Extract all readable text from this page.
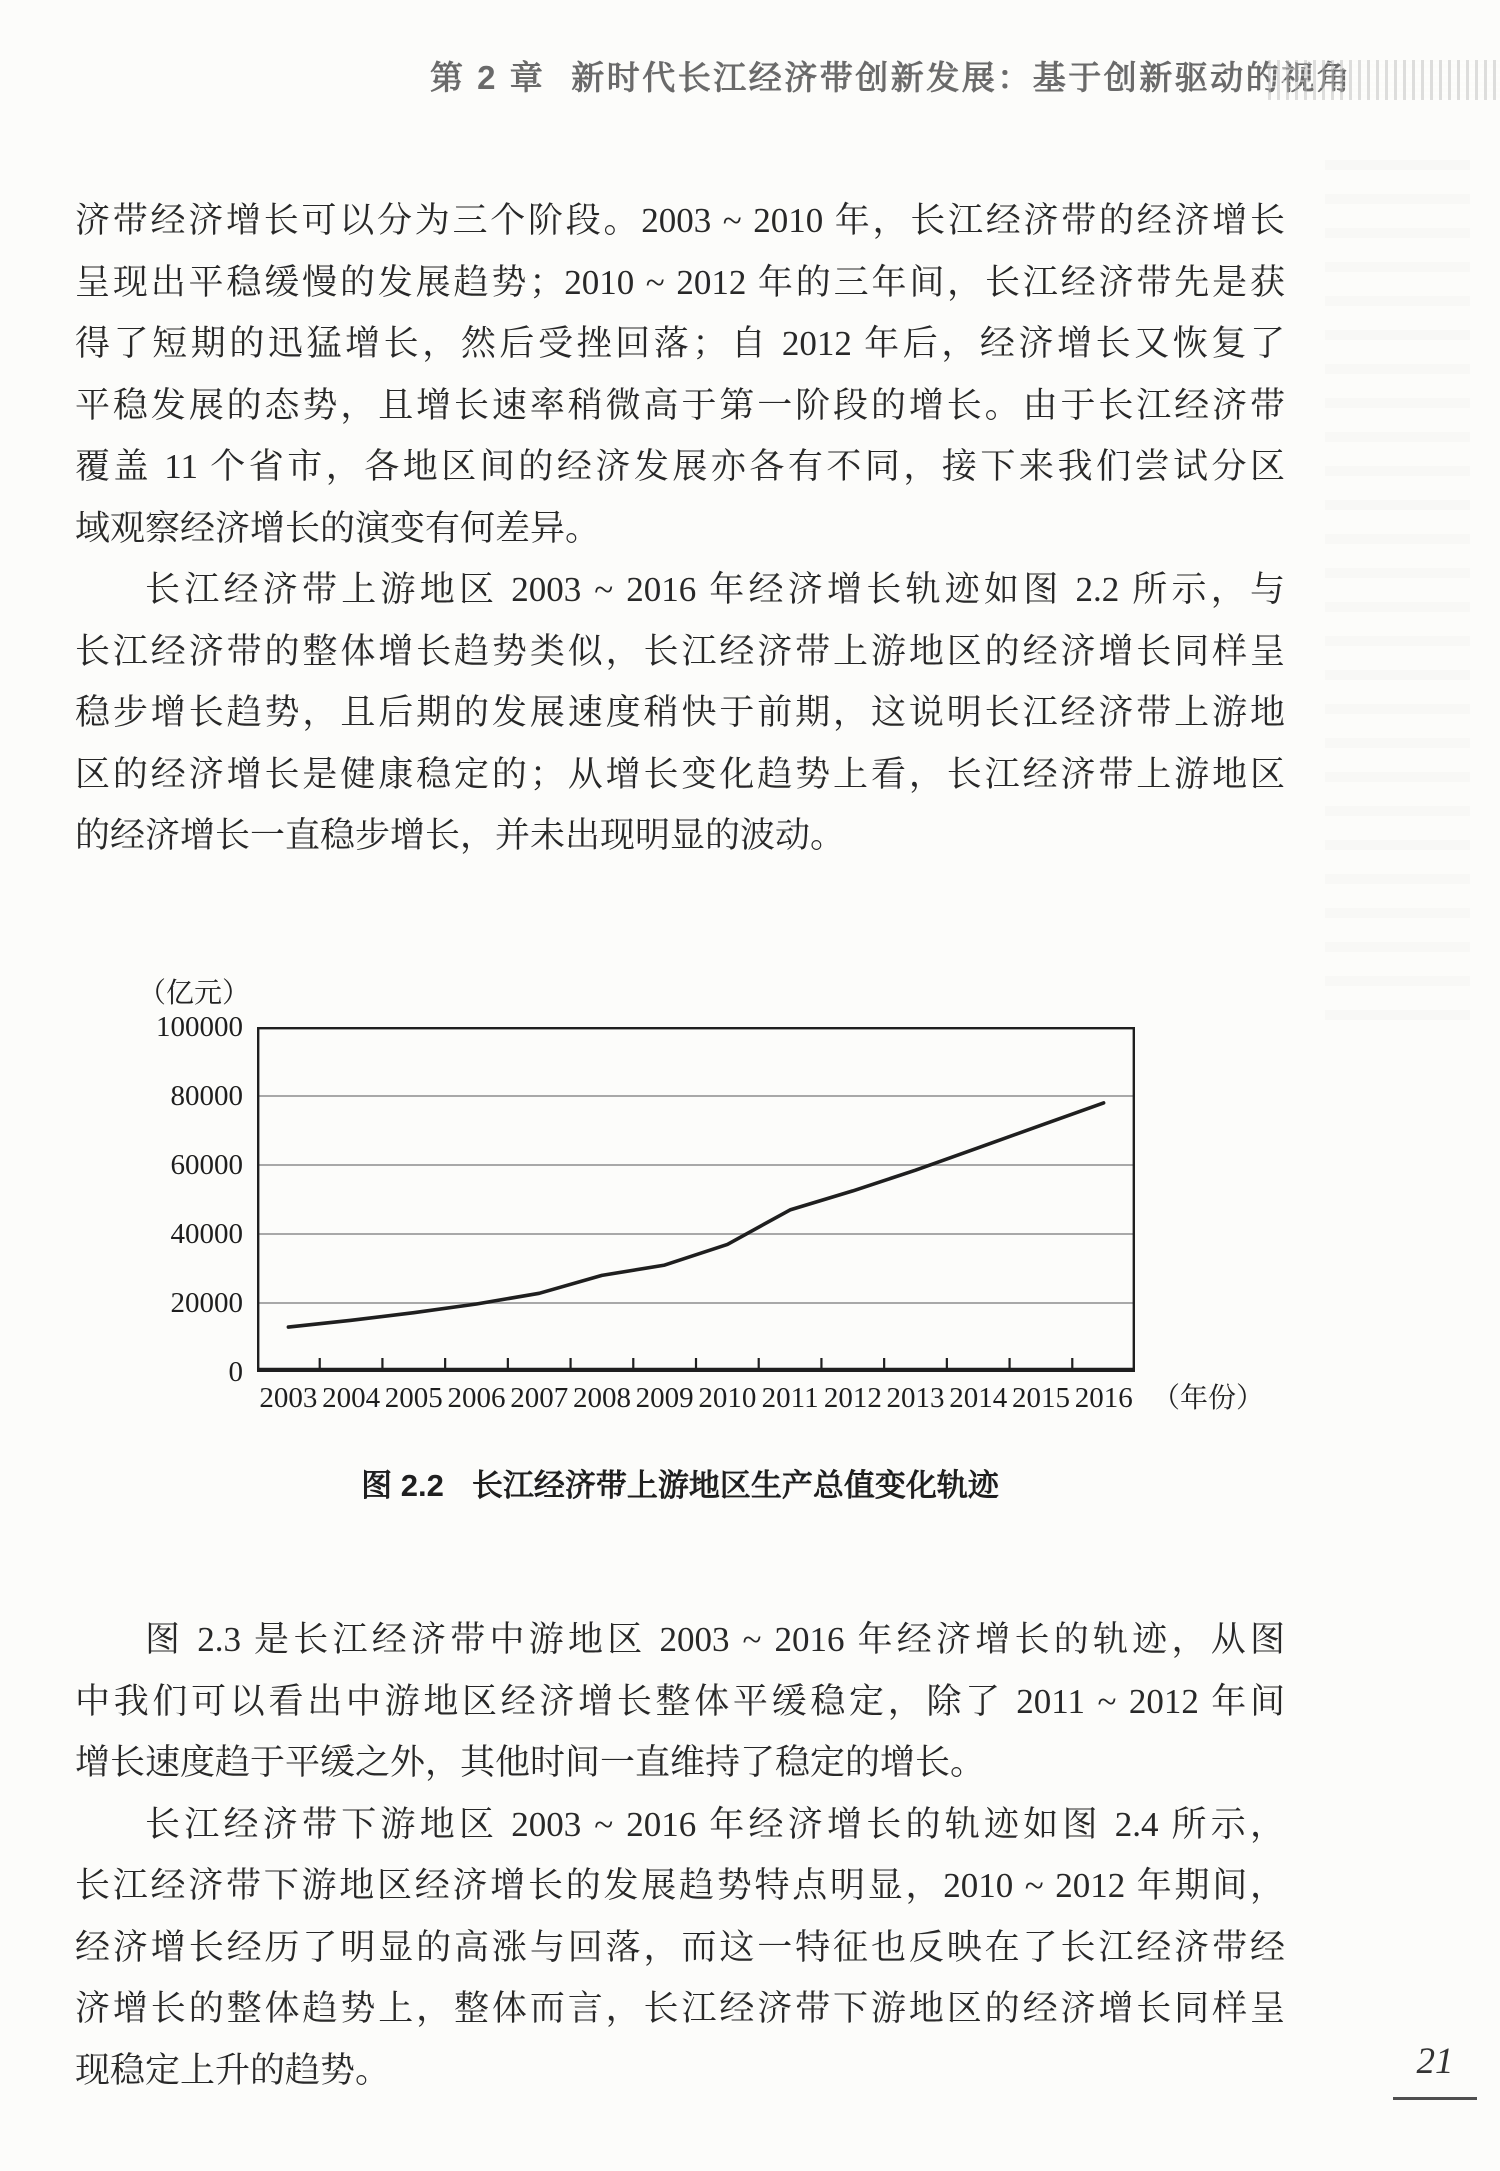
第 2 章 新时代长江经济带创新发展：基于创新驱动的视角
济带经济增长可以分为三个阶段。2003 ~ 2010 年，长江经济带的经济增长
呈现出平稳缓慢的发展趋势；2010 ~ 2012 年的三年间，长江经济带先是获
得了短期的迅猛增长，然后受挫回落；自 2012 年后，经济增长又恢复了
平稳发展的态势，且增长速率稍微高于第一阶段的增长。由于长江经济带
覆盖 11 个省市，各地区间的经济发展亦各有不同，接下来我们尝试分区
域观察经济增长的演变有何差异。
长江经济带上游地区 2003 ~ 2016 年经济增长轨迹如图 2.2 所示，与
长江经济带的整体增长趋势类似，长江经济带上游地区的经济增长同样呈
稳步增长趋势，且后期的发展速度稍快于前期，这说明长江经济带上游地
区的经济增长是健康稳定的；从增长变化趋势上看，长江经济带上游地区
的经济增长一直稳步增长，并未出现明显的波动。
（亿元）
100000
80000
60000
40000
20000
0
2003 2004 2005 2006 2007 2008 2009 2010 2011 2012 2013 2014 2015 2016 （年份）
图 2.2 长江经济带上游地区生产总值变化轨迹
图 2.3 是长江经济带中游地区 2003 ~ 2016 年经济增长的轨迹，从图
中我们可以看出中游地区经济增长整体平缓稳定，除了 2011 ~ 2012 年间
增长速度趋于平缓之外，其他时间一直维持了稳定的增长。
长江经济带下游地区 2003 ~ 2016 年经济增长的轨迹如图 2.4 所示，
长江经济带下游地区经济增长的发展趋势特点明显，2010 ~ 2012 年期间，
经济增长经历了明显的高涨与回落，而这一特征也反映在了长江经济带经
济增长的整体趋势上，整体而言，长江经济带下游地区的经济增长同样呈
现稳定上升的趋势。	21
